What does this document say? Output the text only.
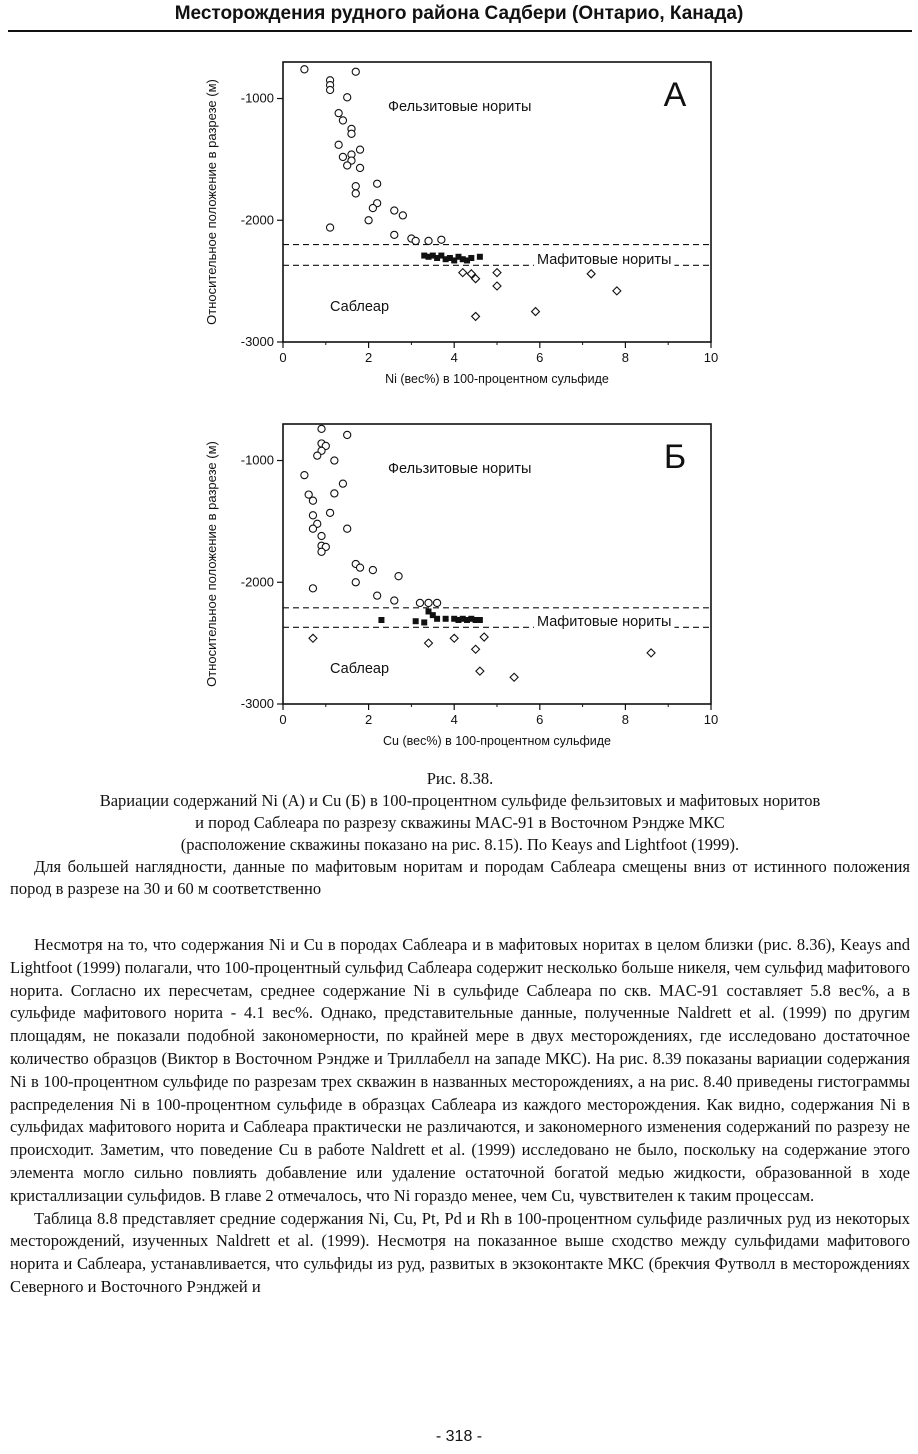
Месторождения рудного района Садбери (Онтарио, Канада)
0	2	4	6	8	10
-1000
-2000
-3000
Ni (вес%) в 100-процентном сульфиде
Относительное положение в разрезе (м)	Фельзитовые нориты
Мафитовые нориты
Саблеар
А
0	2	4	6	8	10
-1000
-2000
-3000
Cu (вес%) в 100-процентном сульфиде
Относительное положение в разрезе (м)	Фельзитовые нориты
Мафитовые нориты
Саблеар
Б
Рис. 8.38.
Вариации содержаний Ni (А) и Cu (Б) в 100-процентном сульфиде фельзитовых и мафитовых норитов
и пород Саблеара по разрезу скважины MAC-91 в Восточном Рэндже МКС
(расположение скважины показано на рис. 8.15). По Keays and Lightfoot (1999).
Для большей наглядности, данные по мафитовым норитам и породам Саблеара смещены вниз от истинного положения пород в разрезе на 30 и 60 м соответственно

Несмотря на то, что содержания Ni и Cu в породах Саблеара и в мафитовых норитах в целом близки (рис. 8.36), Keays and Lightfoot (1999) полагали, что 100-процентный сульфид Саблеара содержит несколько больше никеля, чем сульфид мафитового норита. Согласно их пересчетам, среднее содержание Ni в сульфиде Саблеара по скв. MAC-91 составляет 5.8 вес%, а в сульфиде мафитового норита - 4.1 вес%. Однако, представительные данные, полученные Naldrett et al. (1999) по другим площадям, не показали подобной закономерности, по крайней мере в двух месторождениях, где исследовано достаточное количество образцов (Виктор в Восточном Рэндже и Триллабелл на западе МКС). На рис. 8.39 показаны вариации содержания Ni в 100-процентном сульфиде по разрезам трех скважин в названных месторождениях, а на рис. 8.40 приведены гистограммы распределения Ni в 100-процентном сульфиде в образцах Саблеара из каждого месторождения. Как видно, содержания Ni в сульфидах мафитового норита и Саблеара практически не различаются, и закономерного изменения содержаний по разрезу не происходит. Заметим, что поведение Cu в работе Naldrett et al. (1999) исследовано не было, поскольку на содержание этого элемента могло сильно повлиять добавление или удаление остаточной богатой медью жидкости, образованной в ходе кристаллизации сульфидов. В главе 2 отмечалось, что Ni гораздо менее, чем Cu, чувствителен к таким процессам.

Таблица 8.8 представляет средние содержания Ni, Cu, Pt, Pd и Rh в 100-процентном сульфиде различных руд из некоторых месторождений, изученных Naldrett et al. (1999). Несмотря на показанное выше сходство между сульфидами мафитового норита и Саблеара, устанавливается, что сульфиды из руд, развитых в экзоконтакте МКС (брекчия Футволл в месторождениях Северного и Восточного Рэнджей и

- 318 -
